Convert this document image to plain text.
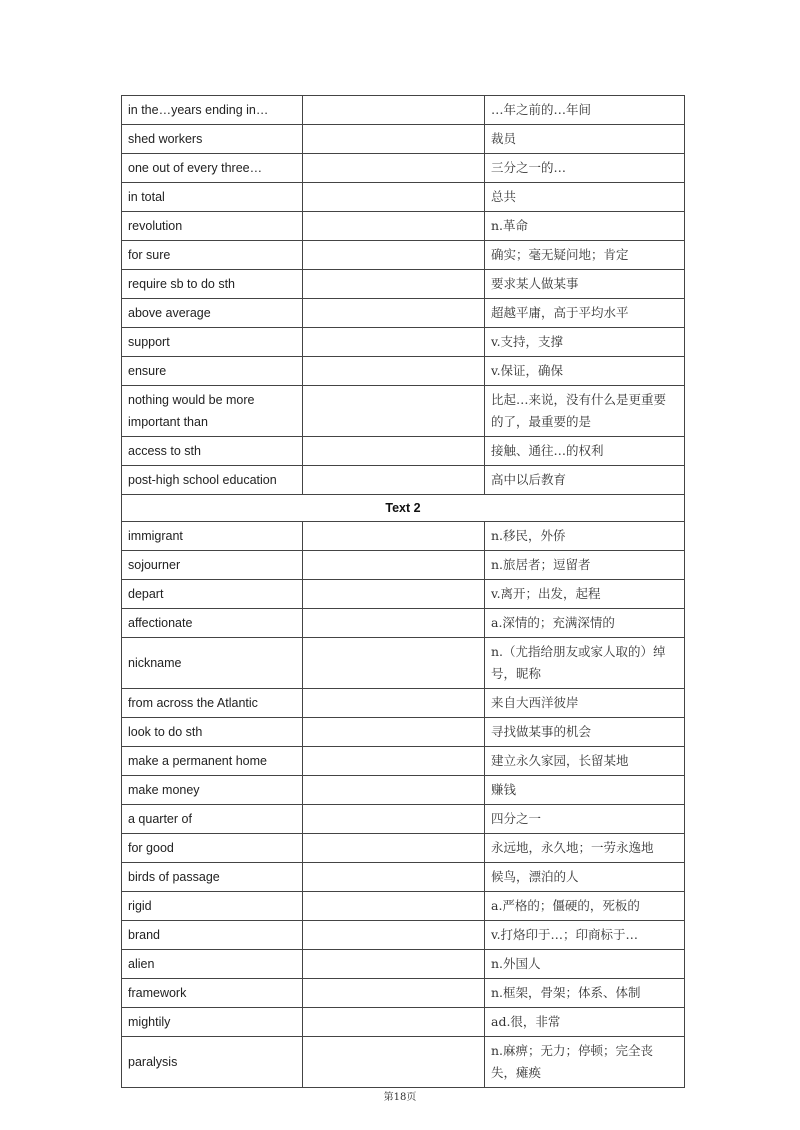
in the…years ending in…		…年之前的…年间
shed workers		裁员
one out of every three…		三分之一的…
in total		总共
revolution		n.革命
for sure		确实；毫无疑问地；肯定
require sb to do sth		要求某人做某事
above average		超越平庸，高于平均水平
support		v.支持，支撑
ensure		v.保证，确保
nothing would be more important than		比起…来说，没有什么是更重要的了，最重要的是
access to sth		接触、通往…的权利
post-high school education		高中以后教育
Text 2		
immigrant		n.移民，外侨
sojourner		n.旅居者；逗留者
depart		v.离开；出发，起程
affectionate		a.深情的；充满深情的
nickname		n.（尤指给朋友或家人取的）绰号，昵称
from across the Atlantic		来自大西洋彼岸
look to do sth		寻找做某事的机会
make a permanent home		建立永久家园，长留某地
make money		赚钱
a quarter of		四分之一
for good		永远地，永久地；一劳永逸地
birds of passage		候鸟，漂泊的人
rigid		a.严格的；僵硬的，死板的
brand		v.打烙印于…；印商标于…
alien		n.外国人
framework		n.框架，骨架；体系、体制
mightily		ad.很，非常
paralysis		n.麻痹；无力；停顿；完全丧失，瘫痪
第18页
